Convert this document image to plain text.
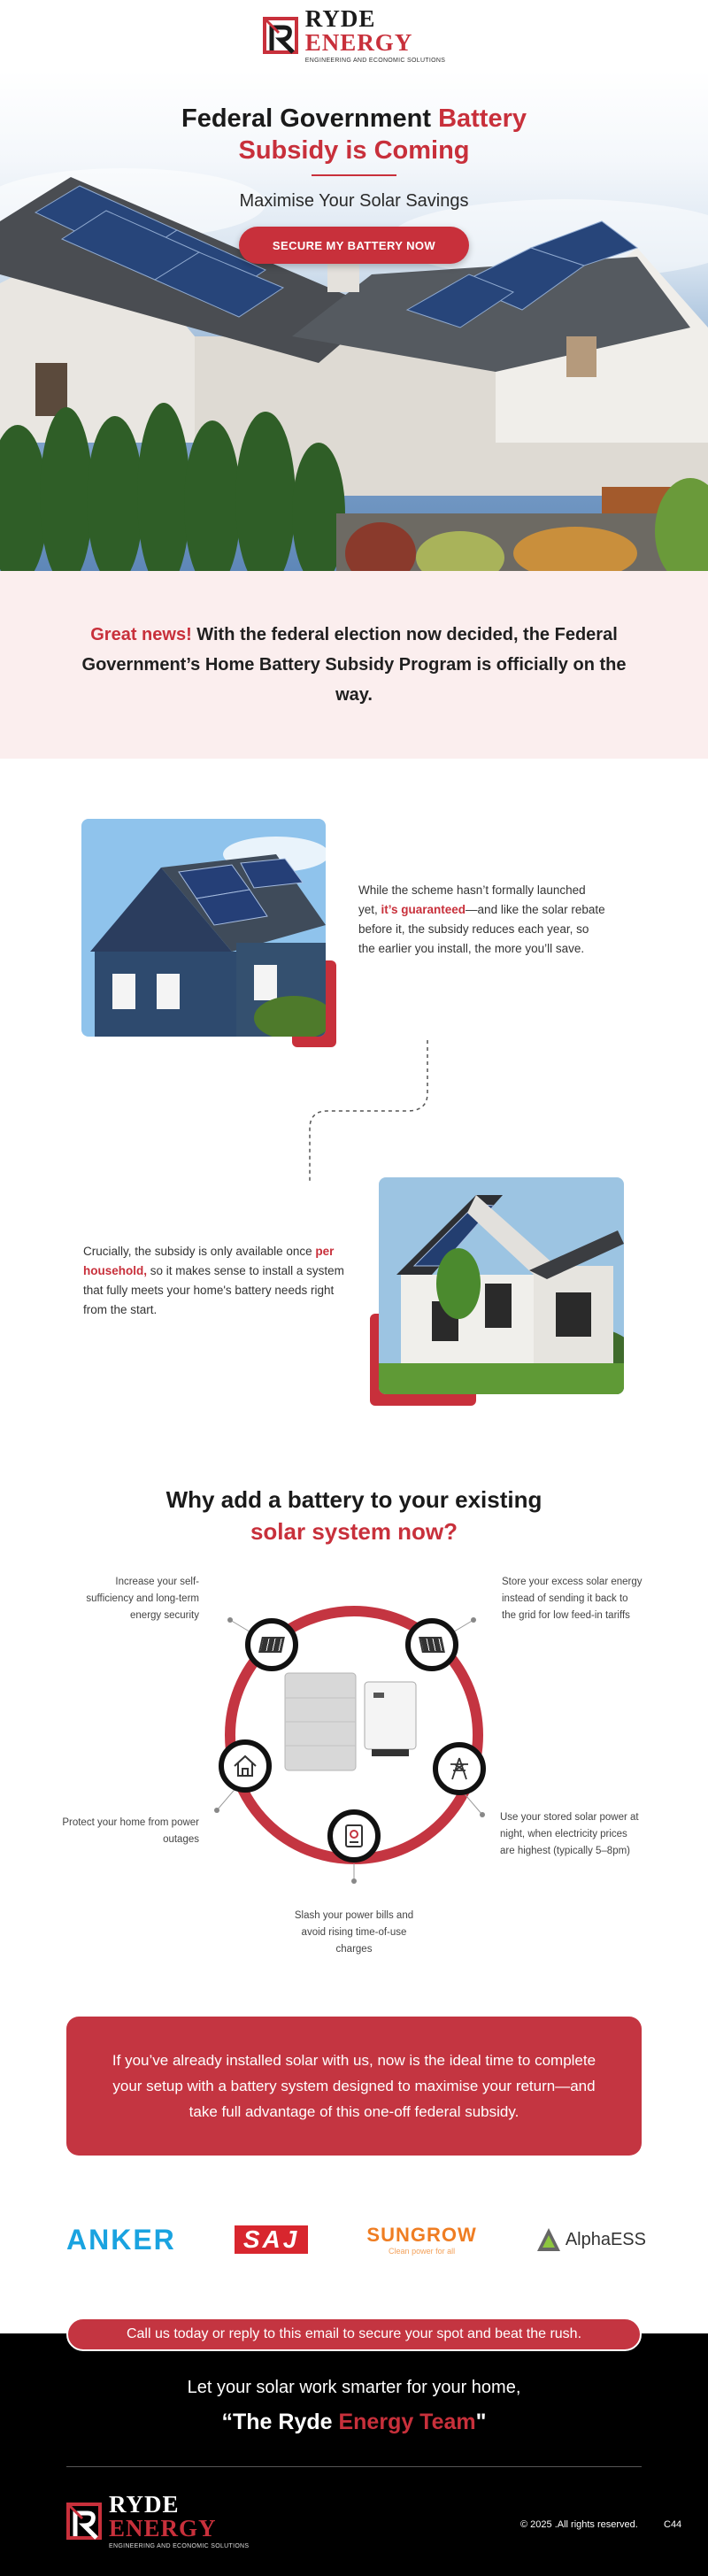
RYDE
ENERGY
ENGINEERING AND ECONOMIC SOLUTIONS
Federal Government Battery
Subsidy is Coming
Maximise Your Solar Savings
SECURE MY BATTERY NOW

Great news! With the federal election now decided, the Federal Government’s Home Battery Subsidy Program is officially on the way.

While the scheme hasn’t formally launched yet, it’s guaranteed—and like the solar rebate before it, the subsidy reduces each year, so the earlier you install, the more you’ll save.
Crucially, the subsidy is only available once per household, so it makes sense to install a system that fully meets your home's battery needs right from the start.
Why add a battery to your existing
solar system now?
Increase your self-sufficiency and long-term energy security
Store your excess solar energy instead of sending it back to the grid for low feed-in tariffs
Protect your home from power outages
Use your stored solar power at night, when electricity prices are highest (typically 5–8pm)
Slash your power bills and avoid rising time-of-use charges

If you’ve already installed solar with us, now is the ideal time to complete your setup with a battery system designed to maximise your return—and take full advantage of this one-off federal subsidy.

ANKER	SAJ	SUNGROW
Clean power for all
AlphaESS
Call us today or reply to this email to secure your spot and beat the rush.
Let your solar work smarter for your home,
“The Ryde Energy Team"
RYDE
ENERGY
ENGINEERING AND ECONOMIC SOLUTIONS
© 2025 .All rights reserved.	C44
